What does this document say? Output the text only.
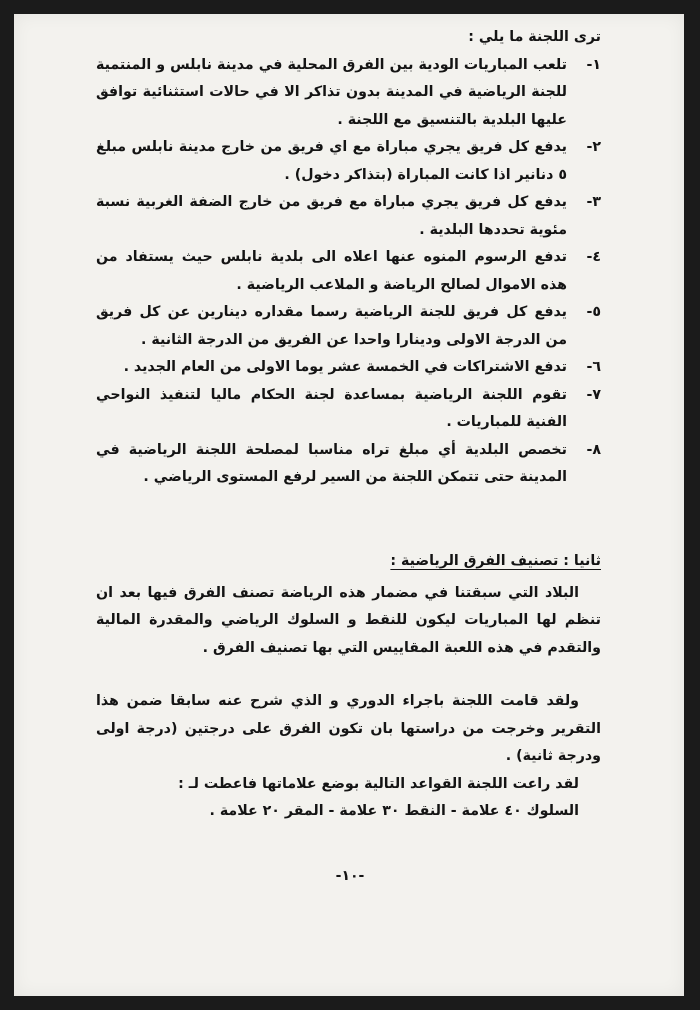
ترى اللجنة ما يلي :
١-
تلعب المباريات الودية بين الفرق المحلية في مدينة نابلس و المنتمية للجنة الرياضية في المدينة بدون تذاكر الا في حالات استثنائية توافق عليها البلدية بالتنسيق مع اللجنة .
٢-
يدفع كل فريق يجري مباراة مع اي فريق من خارج مدينة نابلس مبلغ ٥ دنانير اذا كانت المباراة (بتذاكر دخول) .
٣-
يدفع كل فريق يجري مباراة مع فريق من خارج الضفة الغربية نسبة مئوية تحددها البلدية .
٤-
تدفع الرسوم المنوه عنها اعلاه الى بلدية نابلس حيث يستفاد من هذه الاموال لصالح الرياضة و الملاعب الرياضية .
٥-
يدفع كل فريق للجنة الرياضية رسما مقداره دينارين عن كل فريق من الدرجة الاولى ودينارا واحدا عن الفريق من الدرجة الثانية .
٦-
تدفع الاشتراكات في الخمسة عشر يوما الاولى من العام الجديد .
٧-
تقوم اللجنة الرياضية بمساعدة لجنة الحكام ماليا لتنفيذ النواحي الفنية للمباريات .
٨-
تخصص البلدية أي مبلغ تراه مناسبا لمصلحة اللجنة الرياضية في المدينة حتى تتمكن اللجنة من السير لرفع المستوى الرياضي .
ثانيا : تصنيف الفرق الرياضية :

البلاد التي سبقتنا في مضمار هذه الرياضة تصنف الفرق فيها بعد ان تنظم لها المباريات ليكون للنقط و السلوك الرياضي والمقدرة المالية والتقدم في هذه اللعبة المقاييس التي بها تصنيف الفرق .

ولقد قامت اللجنة باجراء الدوري و الذي شرح عنه سابقا ضمن هذا التقرير وخرجت من دراستها بان تكون الفرق على درجتين (درجة اولى ودرجة ثانية) .

لقد راعت اللجنة القواعد التالية بوضع علاماتها فاعطت لـ :

السلوك ٤٠ علامة - النقط ٣٠ علامة - المقر ٢٠ علامة .

-١٠-
